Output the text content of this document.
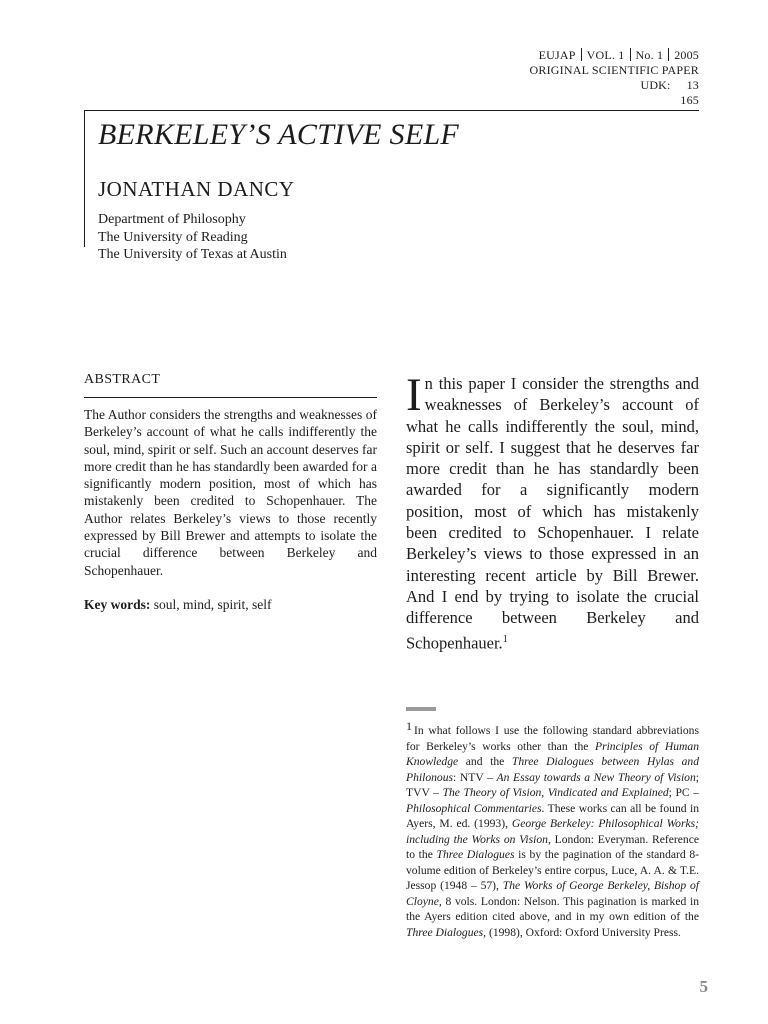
EUJAP VOL. 1 No. 1 2005
ORIGINAL SCIENTIFIC PAPER
UDK: 13
165
BERKELEY’S ACTIVE SELF
JONATHAN DANCY
Department of Philosophy
The University of Reading
The University of Texas at Austin
ABSTRACT
The Author considers the strengths and weaknesses of Berkeley’s account of what he calls indifferently the soul, mind, spirit or self. Such an account deserves far more credit than he has standardly been awarded for a significantly modern position, most of which has mistakenly been credited to Schopenhauer. The Author relates Berkeley’s views to those recently expressed by Bill Brewer and attempts to isolate the crucial difference between Berkeley and Schopenhauer.
Key words: soul, mind, spirit, self
In this paper I consider the strengths and weaknesses of Berkeley’s account of what he calls indifferently the soul, mind, spirit or self. I suggest that he deserves far more credit than he has standardly been awarded for a significantly modern position, most of which has mistakenly been credited to Schopenhauer. I relate Berkeley’s views to those expressed in an interesting recent article by Bill Brewer. And I end by trying to isolate the crucial difference between Berkeley and Schopenhauer.$^1$
$^1$ In what follows I use the following standard abbreviations for Berkeley’s works other than the Principles of Human Knowledge and the Three Dialogues between Hylas and Philonous: NTV – An Essay towards a New Theory of Vision; TVV – The Theory of Vision, Vindicated and Explained; PC – Philosophical Commentaries. These works can all be found in Ayers, M. ed. (1993), George Berkeley: Philosophical Works; including the Works on Vision, London: Everyman. Reference to the Three Dialogues is by the pagination of the standard 8-volume edition of Berkeley’s entire corpus, Luce, A. A. & T.E. Jessop (1948 – 57), The Works of George Berkeley, Bishop of Cloyne, 8 vols. London: Nelson. This pagination is marked in the Ayers edition cited above, and in my own edition of the Three Dialogues, (1998), Oxford: Oxford University Press.
5
